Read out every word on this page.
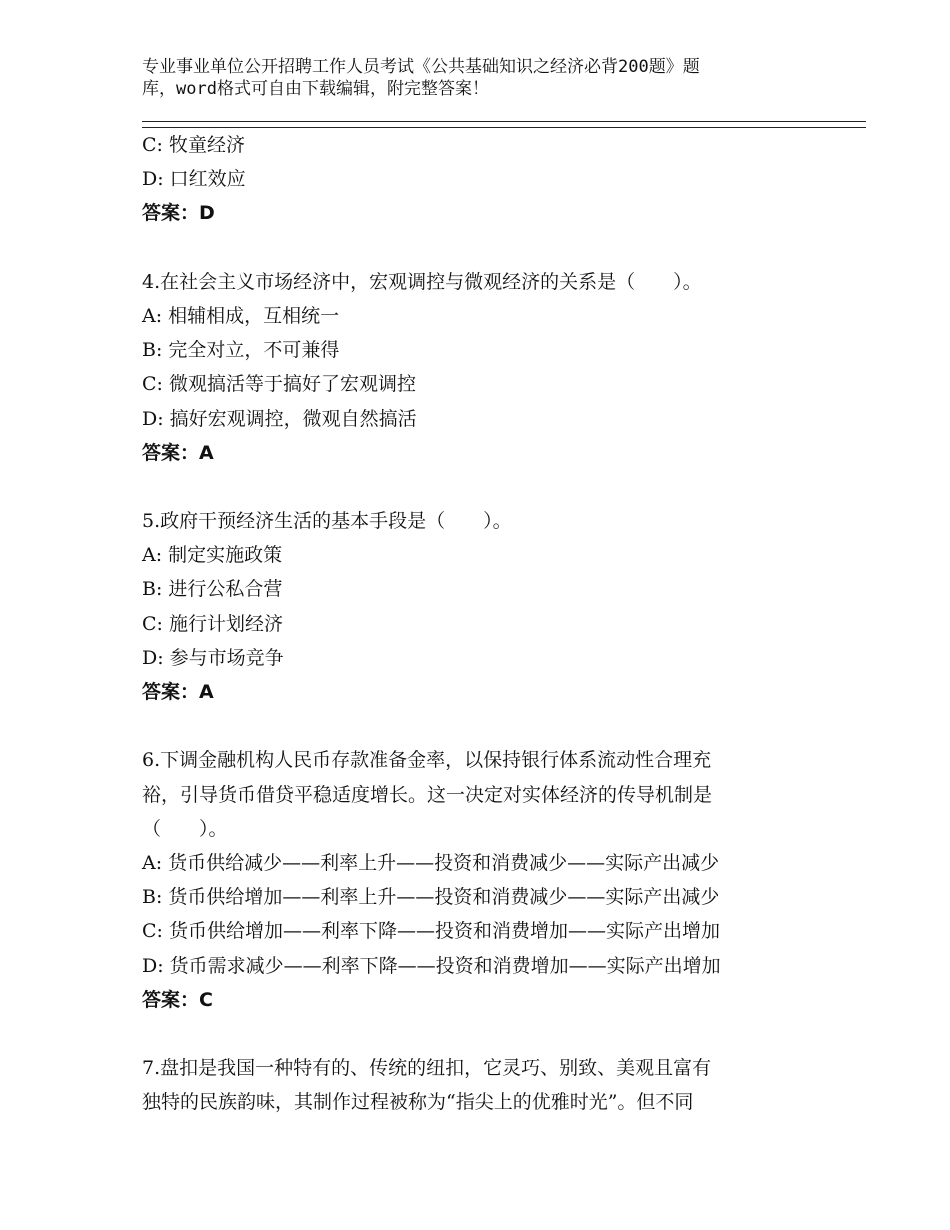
专业事业单位公开招聘工作人员考试《公共基础知识之经济必背200题》题
库，word格式可自由下载编辑，附完整答案！
C: 牧童经济
D: 口红效应
答案：D
4.在社会主义市场经济中，宏观调控与微观经济的关系是（　　）。
A: 相辅相成，互相统一
B: 完全对立，不可兼得
C: 微观搞活等于搞好了宏观调控
D: 搞好宏观调控，微观自然搞活
答案：A
5.政府干预经济生活的基本手段是（　　）。
A: 制定实施政策
B: 进行公私合营
C: 施行计划经济
D: 参与市场竞争
答案：A
6.下调金融机构人民币存款准备金率，以保持银行体系流动性合理充
裕，引导货币借贷平稳适度增长。这一决定对实体经济的传导机制是
（　　）。
A: 货币供给减少——利率上升——投资和消费减少——实际产出减少
B: 货币供给增加——利率上升——投资和消费减少——实际产出减少
C: 货币供给增加——利率下降——投资和消费增加——实际产出增加
D: 货币需求减少——利率下降——投资和消费增加——实际产出增加
答案：C
7.盘扣是我国一种特有的、传统的纽扣，它灵巧、别致、美观且富有
独特的民族韵味，其制作过程被称为“指尖上的优雅时光”。但不同
